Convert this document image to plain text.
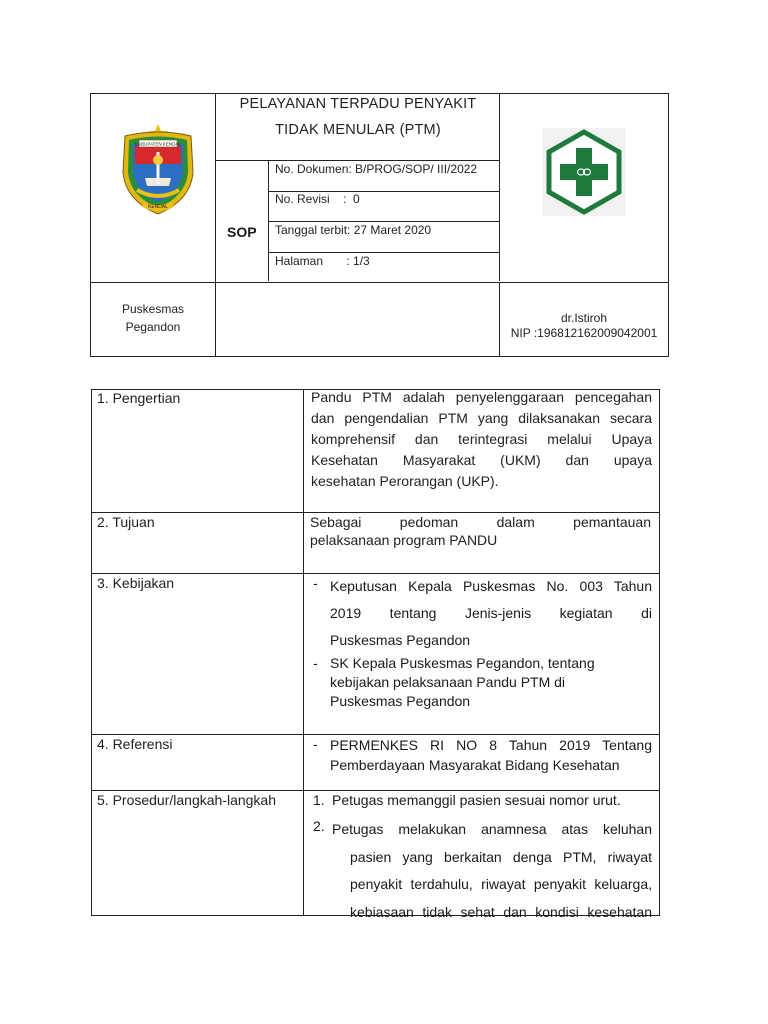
KABUPATEN KENDAL
KENDAL
PELAYANAN TERPADU PENYAKIT
TIDAK MENULAR (PTM)
SOP
No. Dokumen: B/PROG/SOP/ III/2022
No. Revisi    :  0
Tanggal terbit: 27 Maret 2020
Halaman       : 1/3
Puskesmas
Pegandon
dr.Istiroh
NIP :196812162009042001
1. Pengertian	Pandu PTM adalah penyelenggaraan pencegahan
dan pengendalian PTM yang dilaksanakan secara
komprehensif dan terintegrasi melalui Upaya
Kesehatan Masyarakat (UKM) dan upaya
kesehatan Perorangan (UKP).
2. Tujuan	Sebagai pedoman dalam pemantauan
pelaksanaan program PANDU
3. Kebijakan	- Keputusan Kepala Puskesmas No. 003 Tahun
2019 tentang Jenis-jenis kegiatan di
Puskesmas Pegandon
- SK Kepala Puskesmas Pegandon, tentang
kebijakan pelaksanaan Pandu PTM di
Puskesmas Pegandon
4. Referensi	- PERMENKES RI NO 8 Tahun 2019 Tentang
Pemberdayaan Masyarakat Bidang Kesehatan
5. Prosedur/langkah-langkah	1. Petugas memanggil pasien sesuai nomor urut.
2. Petugas melakukan anamnesa atas keluhan
pasien yang berkaitan denga PTM, riwayat
penyakit terdahulu, riwayat penyakit keluarga,
kebiasaan tidak sehat dan kondisi kesehatan
